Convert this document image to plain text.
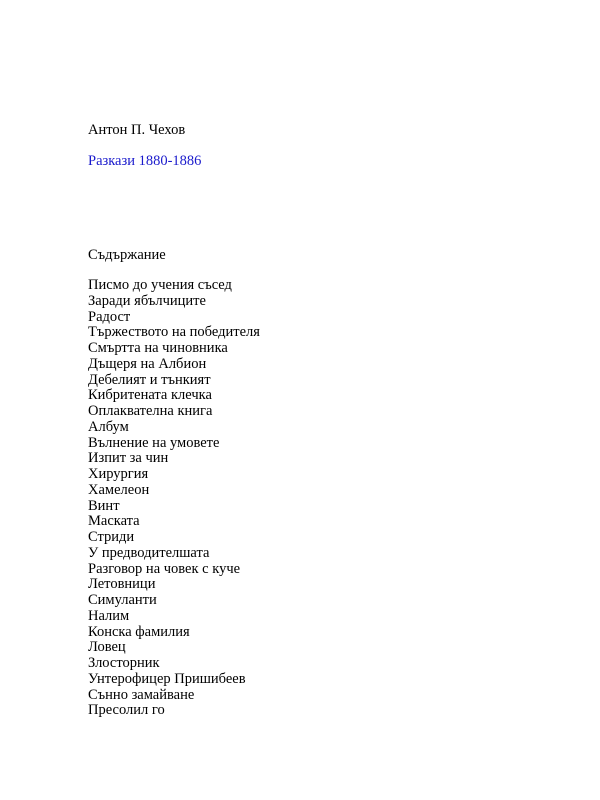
Антон П. Чехов

Разкази 1880-1886

Съдържание

Писмо до учения съсед
Заради ябълчиците
Радост
Тържеството на победителя
Смъртта на чиновника
Дъщеря на Албион
Дебелият и тънкият
Кибритената клечка
Оплаквателна книга
Албум
Вълнение на умовете
Изпит за чин
Хирургия
Хамелеон
Винт
Маската
Стриди
У предводителшата
Разговор на човек с куче
Летовници
Симуланти
Налим
Конска фамилия
Ловец
Злосторник
Унтерофицер Пришибеев
Сънно замайване
Пресолил го
